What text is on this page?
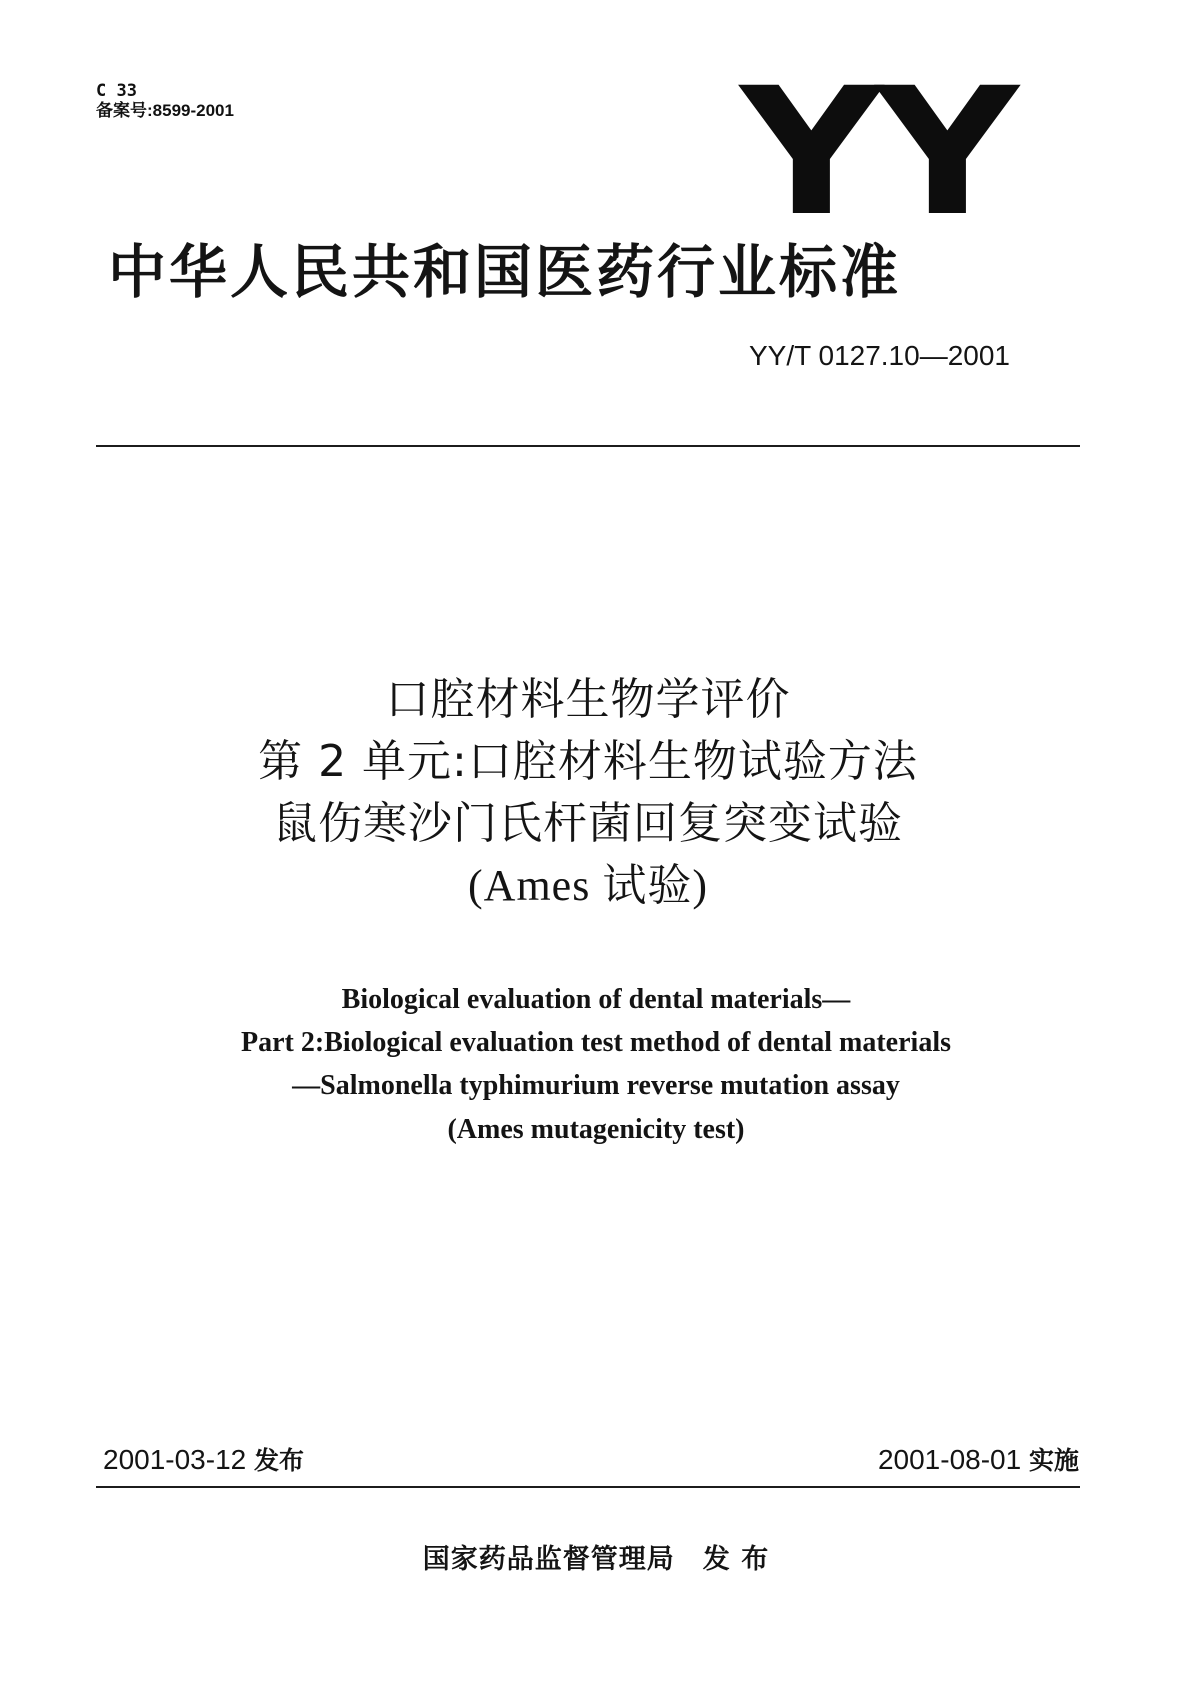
C 33
备案号:8599-2001	YY
中华人民共和国医药行业标准
YY/T 0127.10—2001
口腔材料生物学评价
第 2 单元:口腔材料生物试验方法
鼠伤寒沙门氏杆菌回复突变试验
(Ames 试验)
Biological evaluation of dental materials—
Part 2:Biological evaluation test method of dental materials
—Salmonella typhimurium reverse mutation assay
(Ames mutagenicity test)
2001-03-12 发布	2001-08-01 实施
国家药品监督管理局 发 布
